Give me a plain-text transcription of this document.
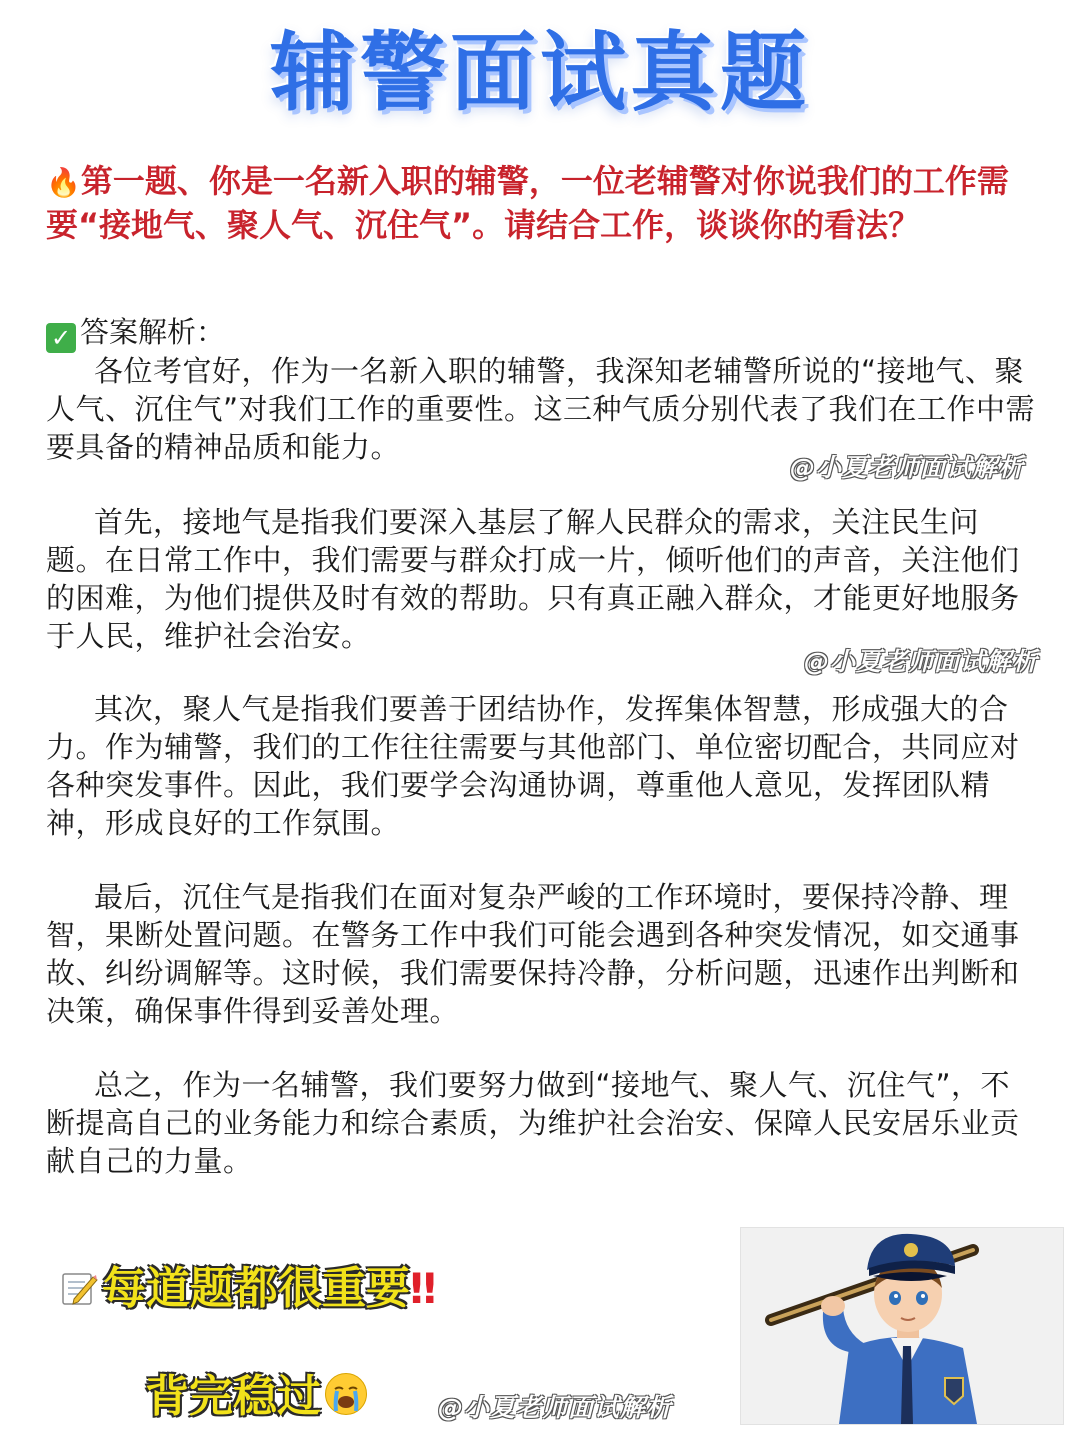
辅警面试真题
🔥第一题、你是一名新入职的辅警，一位老辅警对你说我们的工作需要“接地气、聚人气、沉住气”。请结合工作，谈谈你的看法？
✓ 答案解析：

各位考官好，作为一名新入职的辅警，我深知老辅警所说的“接地气、聚人气、沉住气”对我们工作的重要性。这三种气质分别代表了我们在工作中需要具备的精神品质和能力。

@小夏老师面试解析

首先，接地气是指我们要深入基层了解人民群众的需求，关注民生问题。在日常工作中，我们需要与群众打成一片，倾听他们的声音，关注他们的困难，为他们提供及时有效的帮助。只有真正融入群众，才能更好地服务于人民，维护社会治安。

@小夏老师面试解析

其次，聚人气是指我们要善于团结协作，发挥集体智慧，形成强大的合力。作为辅警，我们的工作往往需要与其他部门、单位密切配合，共同应对各种突发事件。因此，我们要学会沟通协调，尊重他人意见，发挥团队精神，形成良好的工作氛围。

最后，沉住气是指我们在面对复杂严峻的工作环境时，要保持冷静、理智，果断处置问题。在警务工作中我们可能会遇到各种突发情况，如交通事故、纠纷调解等。这时候，我们需要保持冷静，分析问题，迅速作出判断和决策，确保事件得到妥善处理。

总之，作为一名辅警，我们要努力做到“接地气、聚人气、沉住气”，不断提高自己的业务能力和综合素质，为维护社会治安、保障人民安居乐业贡献自己的力量。

每道题都很重要‼
背完稳过	@小夏老师面试解析
